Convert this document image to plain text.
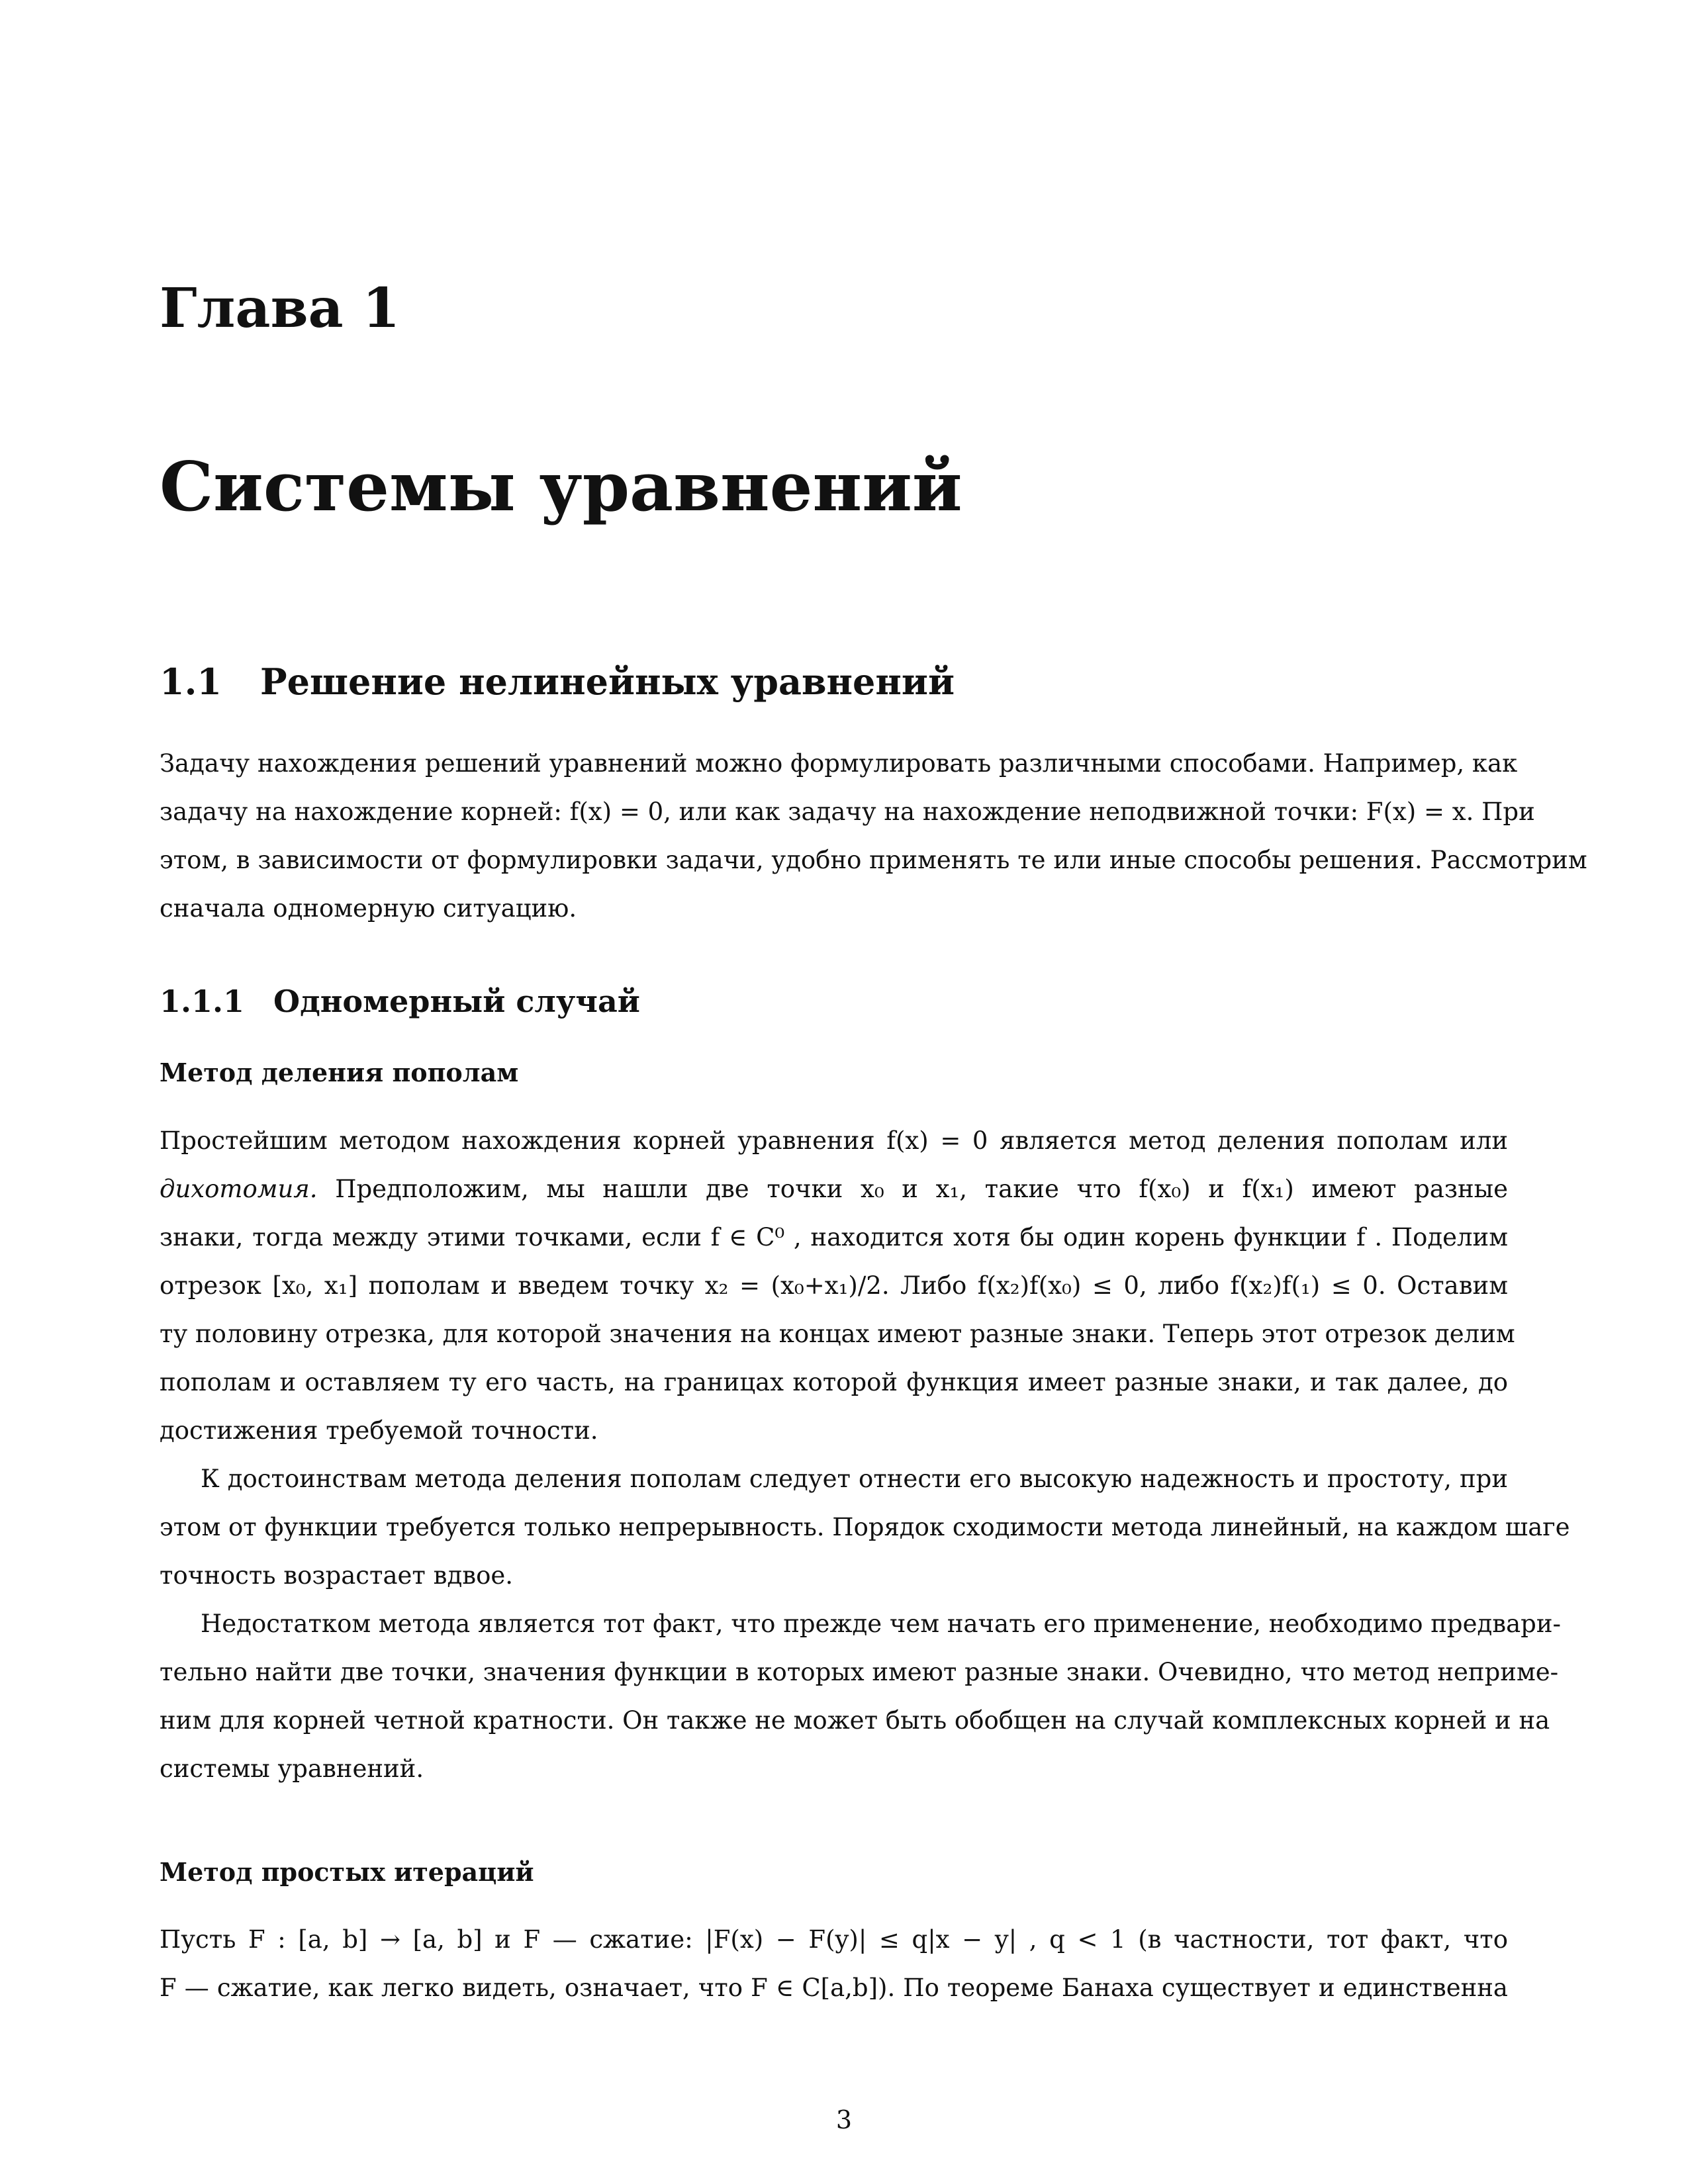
Глава 1
Системы уравнений
1.1 Решение нелинейных уравнений

Задачу нахождения решений уравнений можно формулировать различными способами. Например, как

задачу на нахождение корней: f(x) = 0, или как задачу на нахождение неподвижной точки: F(x) = x. При

этом, в зависимости от формулировки задачи, удобно применять те или иные способы решения. Рассмотрим

сначала одномерную ситуацию.

1.1.1 Одномерный случай
Метод деления пополам

Простейшим методом нахождения корней уравнения f(x) = 0 является метод деления пополам или

дихотомия. Предположим, мы нашли две точки x₀ и x₁, такие что f(x₀) и f(x₁) имеют разные

знаки, тогда между этими точками, если f ∈ C⁰ , находится хотя бы один корень функции f . Поделим

отрезок [x₀, x₁] пополам и введем точку x₂ = (x₀+x₁)/2. Либо f(x₂)f(x₀) ≤ 0, либо f(x₂)f(₁) ≤ 0. Оставим

ту половину отрезка, для которой значения на концах имеют разные знаки. Теперь этот отрезок делим

пополам и оставляем ту его часть, на границах которой функция имеет разные знаки, и так далее, до

достижения требуемой точности.

К достоинствам метода деления пополам следует отнести его высокую надежность и простоту, при

этом от функции требуется только непрерывность. Порядок сходимости метода линейный, на каждом шаге

точность возрастает вдвое.

Недостатком метода является тот факт, что прежде чем начать его применение, необходимо предвари-

тельно найти две точки, значения функции в которых имеют разные знаки. Очевидно, что метод неприме-

ним для корней четной кратности. Он также не может быть обобщен на случай комплексных корней и на

системы уравнений.

Метод простых итераций

Пусть F : [a, b] → [a, b] и F — сжатие: |F(x) − F(y)| ≤ q|x − y| , q < 1 (в частности, тот факт, что

F — сжатие, как легко видеть, означает, что F ∈ C[a,b]). По теореме Банаха существует и единственна

3
